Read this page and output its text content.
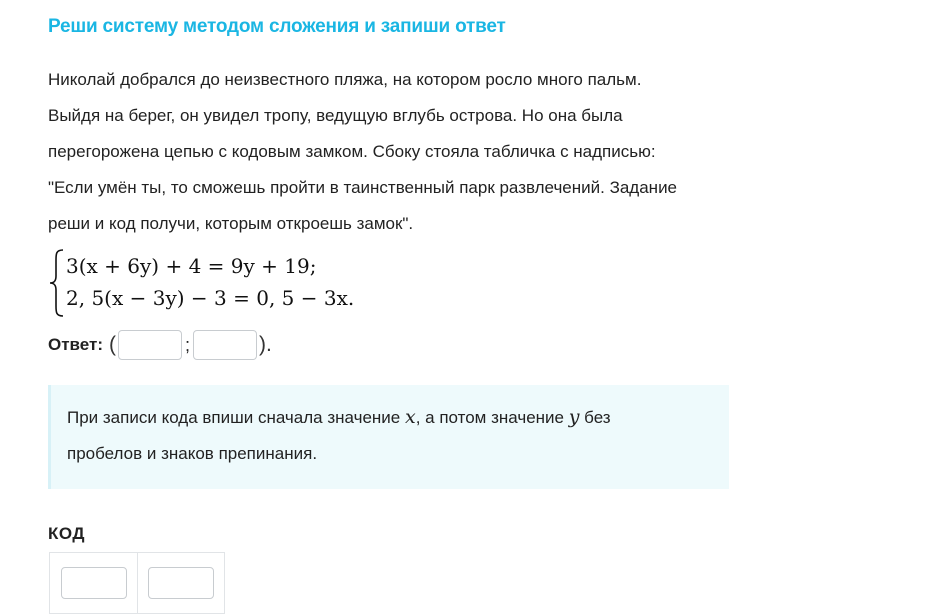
Реши систему методом сложения и запиши ответ

Николай добрался до неизвестного пляжа, на котором росло много пальм.

Выйдя на берег, он увидел тропу, ведущую вглубь острова. Но она была

перегорожена цепью с кодовым замком. Сбоку стояла табличка с надписью:

"Если умён ты, то сможешь пройти в таинственный парк развлечений. Задание

реши и код получи, которым откроешь замок".

3(x + 6y) + 4 = 9y + 19;
2, 5(x − 3y) − 3 = 0, 5 − 3x.
Ответ: (	;	).

При записи кода впиши сначала значение x, а потом значение y без

пробелов и знаков препинания.

КОД
